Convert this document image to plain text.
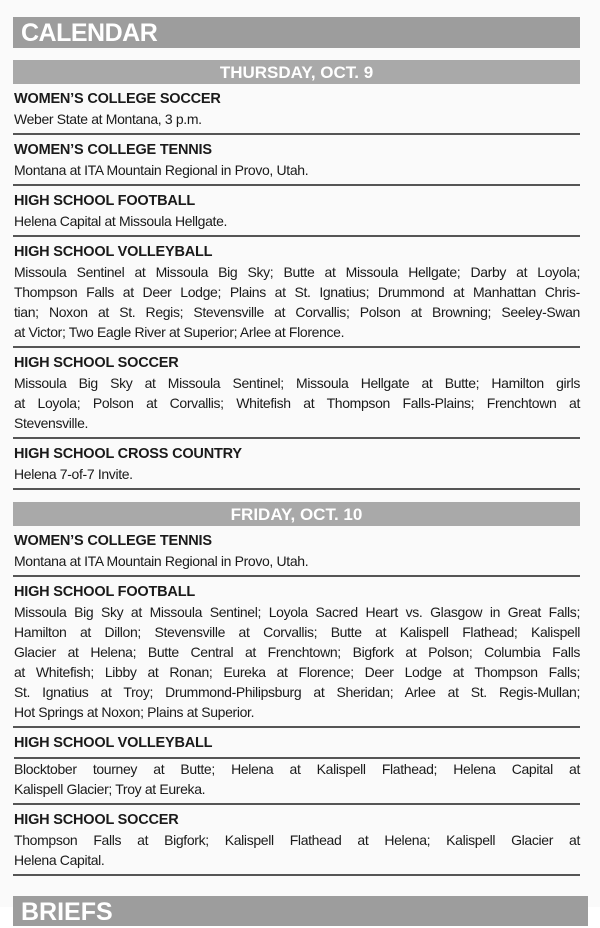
CALENDAR
THURSDAY, OCT. 9
WOMEN’S COLLEGE SOCCER
Weber State at Montana, 3 p.m.
WOMEN’S COLLEGE TENNIS
Montana at ITA Mountain Regional in Provo, Utah.
HIGH SCHOOL FOOTBALL
Helena Capital at Missoula Hellgate.
HIGH SCHOOL VOLLEYBALL
Missoula Sentinel at Missoula Big Sky; Butte at Missoula Hellgate; Darby at Loyola;
Thompson Falls at Deer Lodge; Plains at St. Ignatius; Drummond at Manhattan Chris-
tian; Noxon at St. Regis; Stevensville at Corvallis; Polson at Browning; Seeley-Swan
at Victor; Two Eagle River at Superior; Arlee at Florence.
HIGH SCHOOL SOCCER
Missoula Big Sky at Missoula Sentinel; Missoula Hellgate at Butte; Hamilton girls
at Loyola; Polson at Corvallis; Whitefish at Thompson Falls-Plains; Frenchtown at
Stevensville.
HIGH SCHOOL CROSS COUNTRY
Helena 7-of-7 Invite.
FRIDAY, OCT. 10
WOMEN’S COLLEGE TENNIS
Montana at ITA Mountain Regional in Provo, Utah.
HIGH SCHOOL FOOTBALL
Missoula Big Sky at Missoula Sentinel; Loyola Sacred Heart vs. Glasgow in Great Falls;
Hamilton at Dillon; Stevensville at Corvallis; Butte at Kalispell Flathead; Kalispell
Glacier at Helena; Butte Central at Frenchtown; Bigfork at Polson; Columbia Falls
at Whitefish; Libby at Ronan; Eureka at Florence; Deer Lodge at Thompson Falls;
St. Ignatius at Troy; Drummond-Philipsburg at Sheridan; Arlee at St. Regis-Mullan;
Hot Springs at Noxon; Plains at Superior.
HIGH SCHOOL VOLLEYBALL
Blocktober tourney at Butte; Helena at Kalispell Flathead; Helena Capital at
Kalispell Glacier; Troy at Eureka.
HIGH SCHOOL SOCCER
Thompson Falls at Bigfork; Kalispell Flathead at Helena; Kalispell Glacier at
Helena Capital.
BRIEFS
